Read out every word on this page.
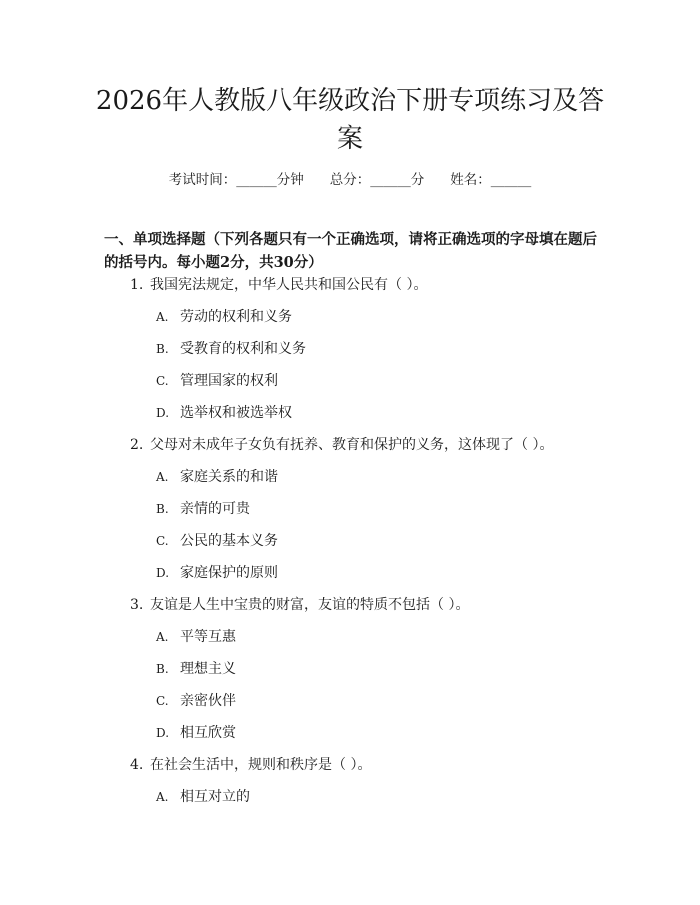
2026年人教版八年级政治下册专项练习及答案
考试时间：______分钟 总分：______分 姓名：______
一、单项选择题（下列各题只有一个正确选项，请将正确选项的字母填在题后的括号内。每小题2分，共30分）
1. 我国宪法规定，中华人民共和国公民有（ ）。
A. 劳动的权利和义务
B. 受教育的权利和义务
C. 管理国家的权利
D. 选举权和被选举权
2. 父母对未成年子女负有抚养、教育和保护的义务，这体现了（ ）。
A. 家庭关系的和谐
B. 亲情的可贵
C. 公民的基本义务
D. 家庭保护的原则
3. 友谊是人生中宝贵的财富，友谊的特质不包括（ ）。
A. 平等互惠
B. 理想主义
C. 亲密伙伴
D. 相互欣赏
4. 在社会生活中，规则和秩序是（ ）。
A. 相互对立的
